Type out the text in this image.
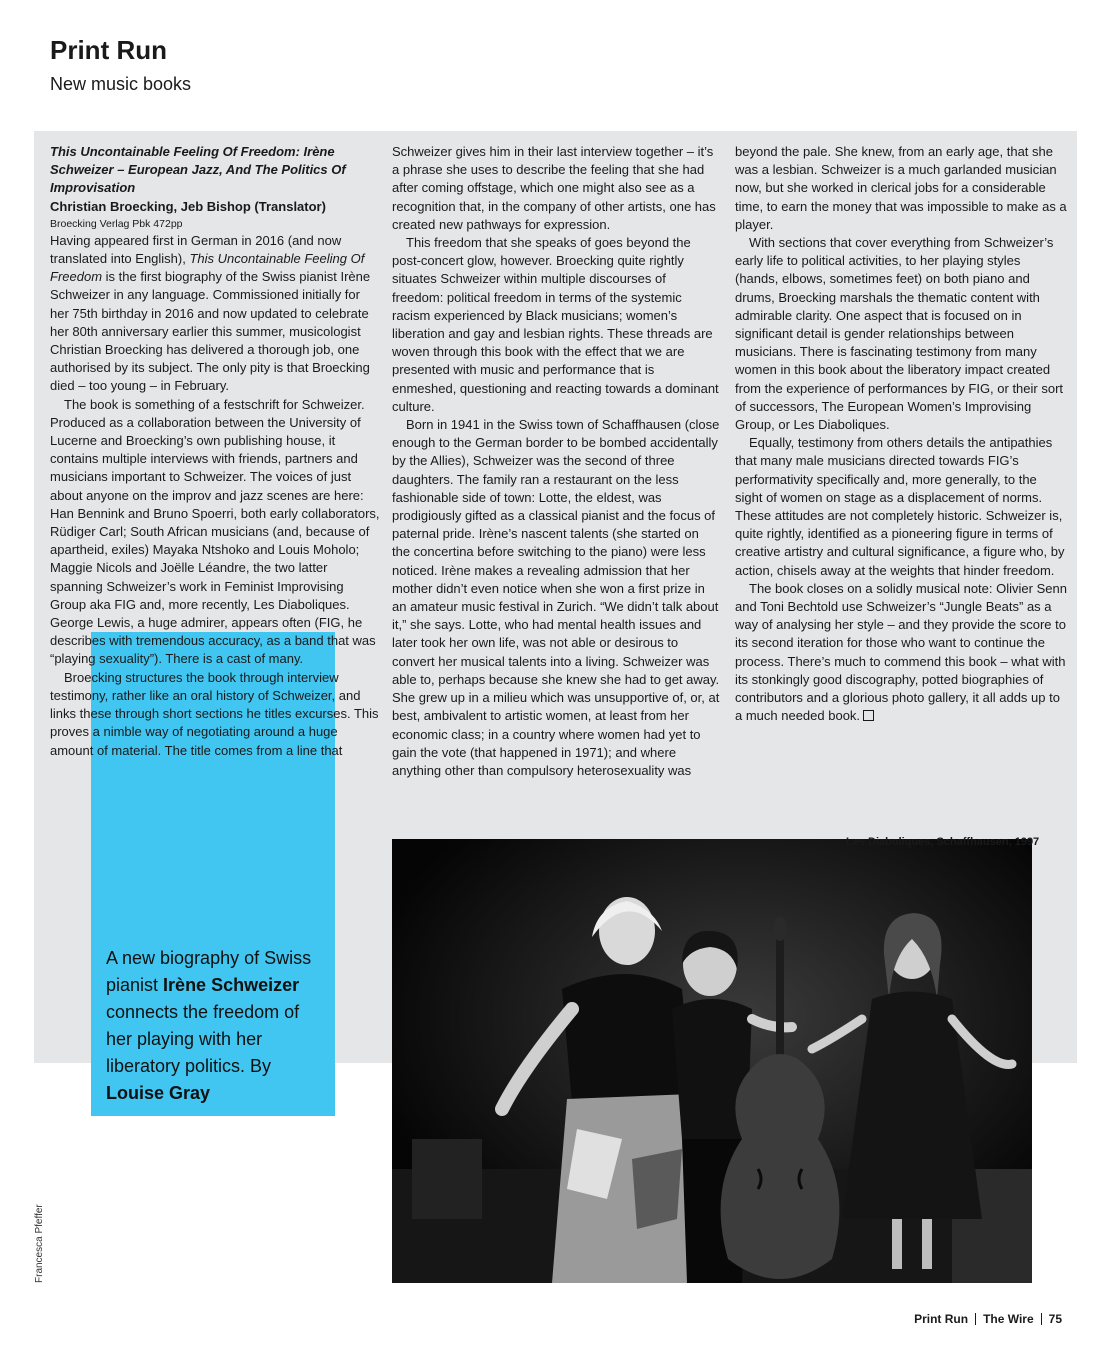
Print Run
New music books

This Uncontainable Feeling Of Freedom: Irène Schweizer – European Jazz, And The Politics Of Improvisation

Christian Broecking, Jeb Bishop (Translator)

Broecking Verlag Pbk 472pp

Having appeared first in German in 2016 (and now translated into English), This Uncontainable Feeling Of Freedom is the first biography of the Swiss pianist Irène Schweizer in any language. Commissioned initially for her 75th birthday in 2016 and now updated to celebrate her 80th anniversary earlier this summer, musicologist Christian Broecking has delivered a thorough job, one authorised by its subject. The only pity is that Broecking died – too young – in February.

The book is something of a festschrift for Schweizer. Produced as a collaboration between the University of Lucerne and Broecking’s own publishing house, it contains multiple interviews with friends, partners and musicians important to Schweizer. The voices of just about anyone on the improv and jazz scenes are here: Han Bennink and Bruno Spoerri, both early collaborators, Rüdiger Carl; South African musicians (and, because of apartheid, exiles) Mayaka Ntshoko and Louis Moholo; Maggie Nicols and Joëlle Léandre, the two latter spanning Schweizer’s work in Feminist Improvising Group aka FIG and, more recently, Les Diaboliques. George Lewis, a huge admirer, appears often (FIG, he describes with tremendous accuracy, as a band that was “playing sexuality”). There is a cast of many.

Broecking structures the book through interview testimony, rather like an oral history of Schweizer, and links these through short sections he titles excurses. This proves a nimble way of negotiating around a huge amount of material. The title comes from a line that

Schweizer gives him in their last interview together – it’s a phrase she uses to describe the feeling that she had after coming offstage, which one might also see as a recognition that, in the company of other artists, one has created new pathways for expression.

This freedom that she speaks of goes beyond the post-concert glow, however. Broecking quite rightly situates Schweizer within multiple discourses of freedom: political freedom in terms of the systemic racism experienced by Black musicians; women’s liberation and gay and lesbian rights. These threads are woven through this book with the effect that we are presented with music and performance that is enmeshed, questioning and reacting towards a dominant culture.

Born in 1941 in the Swiss town of Schaffhausen (close enough to the German border to be bombed accidentally by the Allies), Schweizer was the second of three daughters. The family ran a restaurant on the less fashionable side of town: Lotte, the eldest, was prodigiously gifted as a classical pianist and the focus of paternal pride. Irène’s nascent talents (she started on the concertina before switching to the piano) were less noticed. Irène makes a revealing admission that her mother didn’t even notice when she won a first prize in an amateur music festival in Zurich. “We didn’t talk about it,” she says. Lotte, who had mental health issues and later took her own life, was not able or desirous to convert her musical talents into a living. Schweizer was able to, perhaps because she knew she had to get away. She grew up in a milieu which was unsupportive of, or, at best, ambivalent to artistic women, at least from her economic class; in a country where women had yet to gain the vote (that happened in 1971); and where anything other than compulsory heterosexuality was

beyond the pale. She knew, from an early age, that she was a lesbian. Schweizer is a much garlanded musician now, but she worked in clerical jobs for a considerable time, to earn the money that was impossible to make as a player.

With sections that cover everything from Schweizer’s early life to political activities, to her playing styles (hands, elbows, sometimes feet) on both piano and drums, Broecking marshals the thematic content with admirable clarity. One aspect that is focused on in significant detail is gender relationships between musicians. There is fascinating testimony from many women in this book about the liberatory impact created from the experience of performances by FIG, or their sort of successors, The European Women’s Improvising Group, or Les Diaboliques.

Equally, testimony from others details the antipathies that many male musicians directed towards FIG’s performativity specifically and, more generally, to the sight of women on stage as a displacement of norms. These attitudes are not completely historic. Schweizer is, quite rightly, identified as a pioneering figure in terms of creative artistry and cultural significance, a figure who, by action, chisels away at the weights that hinder freedom.

The book closes on a solidly musical note: Olivier Senn and Toni Bechtold use Schweizer’s “Jungle Beats” as a way of analysing her style – and they provide the score to its second iteration for those who want to continue the process. There’s much to commend this book – what with its stonkingly good discography, potted biographies of contributors and a glorious photo gallery, it all adds up to a much needed book.

A new biography of Swiss pianist Irène Schweizer connects the freedom of her playing with her liberatory politics. By Louise Gray
Les Diaboliques, Schaffhausen, 1997
Francesca Pfeffer
Print Run The Wire 75
